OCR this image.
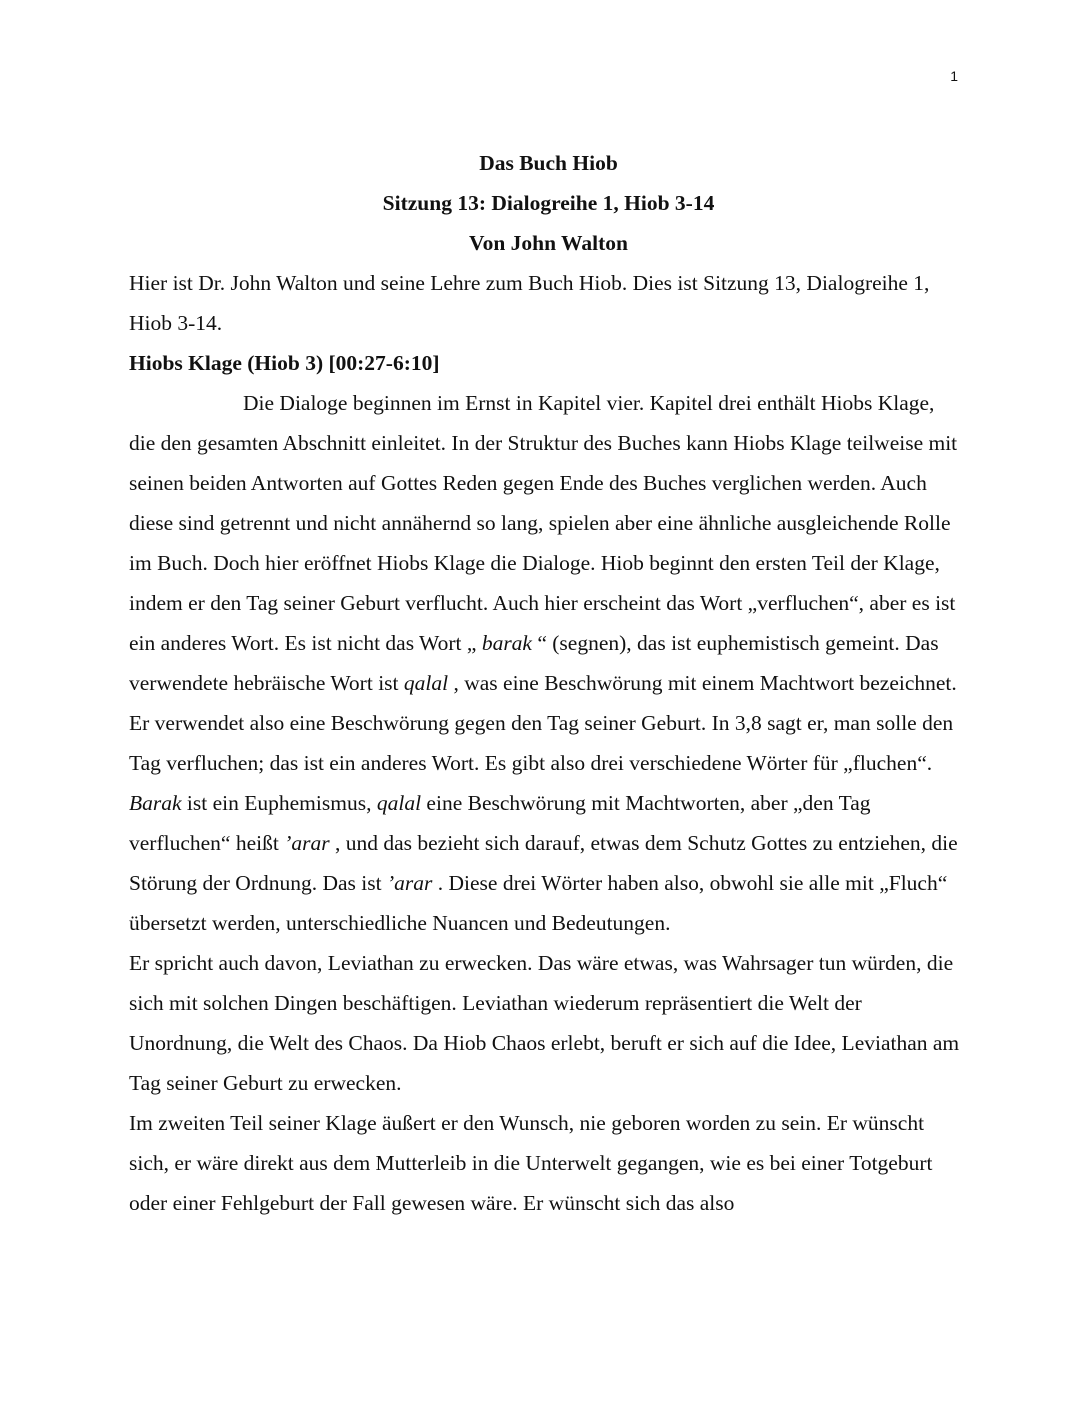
1

Das Buch Hiob

Sitzung 13: Dialogreihe 1, Hiob 3-14

Von John Walton

Hier ist Dr. John Walton und seine Lehre zum Buch Hiob. Dies ist Sitzung 13, Dialogreihe 1, Hiob 3-14.

Hiobs Klage (Hiob 3) [00:27-6:10]

Die Dialoge beginnen im Ernst in Kapitel vier. Kapitel drei enthält Hiobs Klage, die den gesamten Abschnitt einleitet. In der Struktur des Buches kann Hiobs Klage teilweise mit seinen beiden Antworten auf Gottes Reden gegen Ende des Buches verglichen werden. Auch diese sind getrennt und nicht annähernd so lang, spielen aber eine ähnliche ausgleichende Rolle im Buch. Doch hier eröffnet Hiobs Klage die Dialoge. Hiob beginnt den ersten Teil der Klage, indem er den Tag seiner Geburt verflucht. Auch hier erscheint das Wort „verfluchen“, aber es ist ein anderes Wort. Es ist nicht das Wort „ barak “ (segnen), das ist euphemistisch gemeint. Das verwendete hebräische Wort ist qalal , was eine Beschwörung mit einem Machtwort bezeichnet. Er verwendet also eine Beschwörung gegen den Tag seiner Geburt. In 3,8 sagt er, man solle den Tag verfluchen; das ist ein anderes Wort. Es gibt also drei verschiedene Wörter für „fluchen“. Barak ist ein Euphemismus, qalal eine Beschwörung mit Machtworten, aber „den Tag verfluchen“ heißt ’arar , und das bezieht sich darauf, etwas dem Schutz Gottes zu entziehen, die Störung der Ordnung. Das ist ’arar . Diese drei Wörter haben also, obwohl sie alle mit „Fluch“ übersetzt werden, unterschiedliche Nuancen und Bedeutungen.

Er spricht auch davon, Leviathan zu erwecken. Das wäre etwas, was Wahrsager tun würden, die sich mit solchen Dingen beschäftigen. Leviathan wiederum repräsentiert die Welt der Unordnung, die Welt des Chaos. Da Hiob Chaos erlebt, beruft er sich auf die Idee, Leviathan am Tag seiner Geburt zu erwecken.

Im zweiten Teil seiner Klage äußert er den Wunsch, nie geboren worden zu sein. Er wünscht sich, er wäre direkt aus dem Mutterleib in die Unterwelt gegangen, wie es bei einer Totgeburt oder einer Fehlgeburt der Fall gewesen wäre. Er wünscht sich das also
